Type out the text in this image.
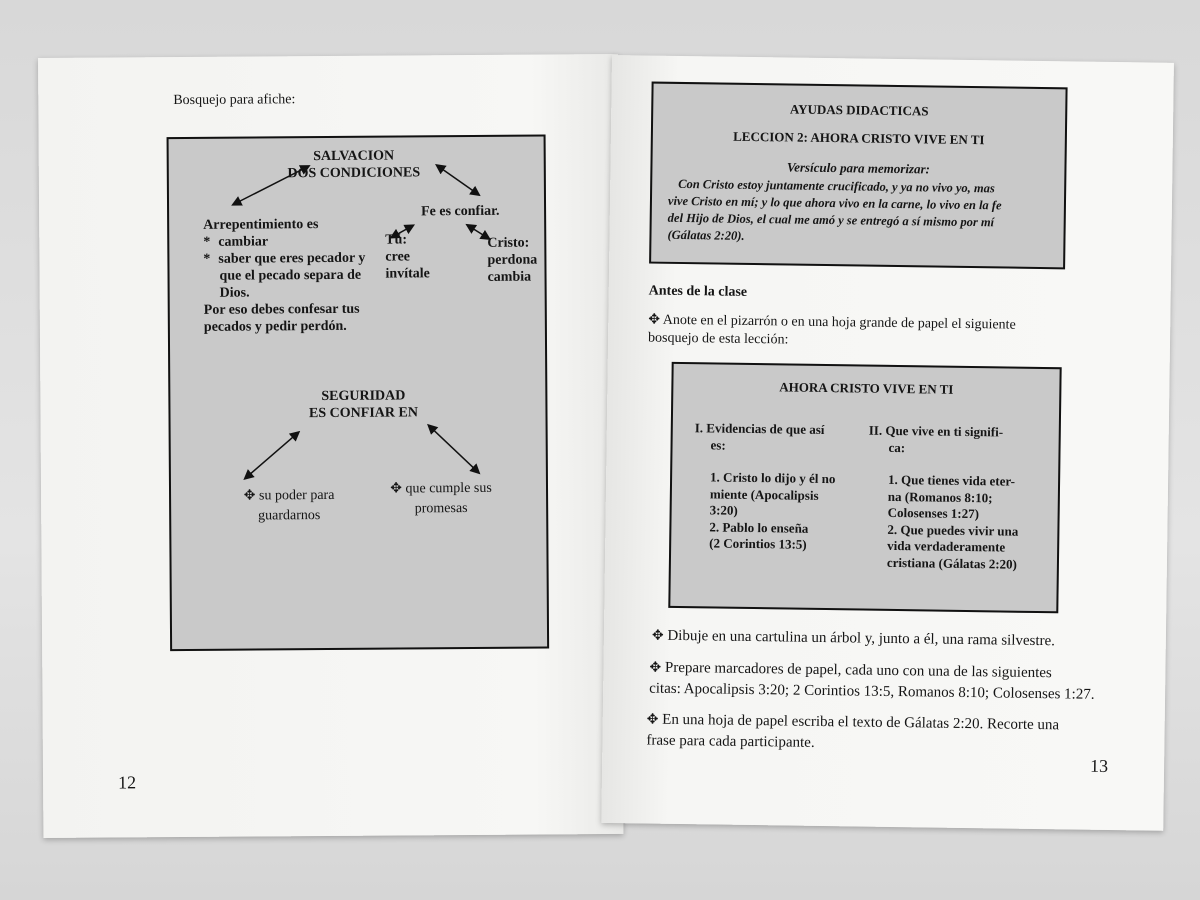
Bosquejo para afiche:
SALVACION
DOS CONDICIONES
Arrepentimiento es
* cambiar
* saber que eres pecador y
que el pecado separa de
Dios.
Por eso debes confesar tus
pecados y pedir perdón.
Fe es confiar.
Tú:
cree
invítale
Cristo:
perdona
cambia
SEGURIDAD
ES CONFIAR EN
✥ su poder para
guardarnos
✥ que cumple sus
promesas
12
AYUDAS DIDACTICAS
LECCION 2: AHORA CRISTO VIVE EN TI
Versículo para memorizar:
Con Cristo estoy juntamente crucificado, y ya no vivo yo, mas
vive Cristo en mí; y lo que ahora vivo en la carne, lo vivo en la fe
del Hijo de Dios, el cual me amó y se entregó a sí mismo por mí
(Gálatas 2:20).
Antes de la clase
✥ Anote en el pizarrón o en una hoja grande de papel el siguiente
bosquejo de esta lección:
AHORA CRISTO VIVE EN TI
I. Evidencias de que así
es:
1. Cristo lo dijo y él no
miente (Apocalipsis
3:20)
2. Pablo lo enseña
(2 Corintios 13:5)
II. Que vive en ti signifi-
ca:
1. Que tienes vida eter-
na (Romanos 8:10;
Colosenses 1:27)
2. Que puedes vivir una
vida verdaderamente
cristiana (Gálatas 2:20)
✥ Dibuje en una cartulina un árbol y, junto a él, una rama silvestre.
✥ Prepare marcadores de papel, cada uno con una de las siguientes
citas: Apocalipsis 3:20; 2 Corintios 13:5, Romanos 8:10; Colosenses 1:27.
✥ En una hoja de papel escriba el texto de Gálatas 2:20. Recorte una
frase para cada participante.
13
